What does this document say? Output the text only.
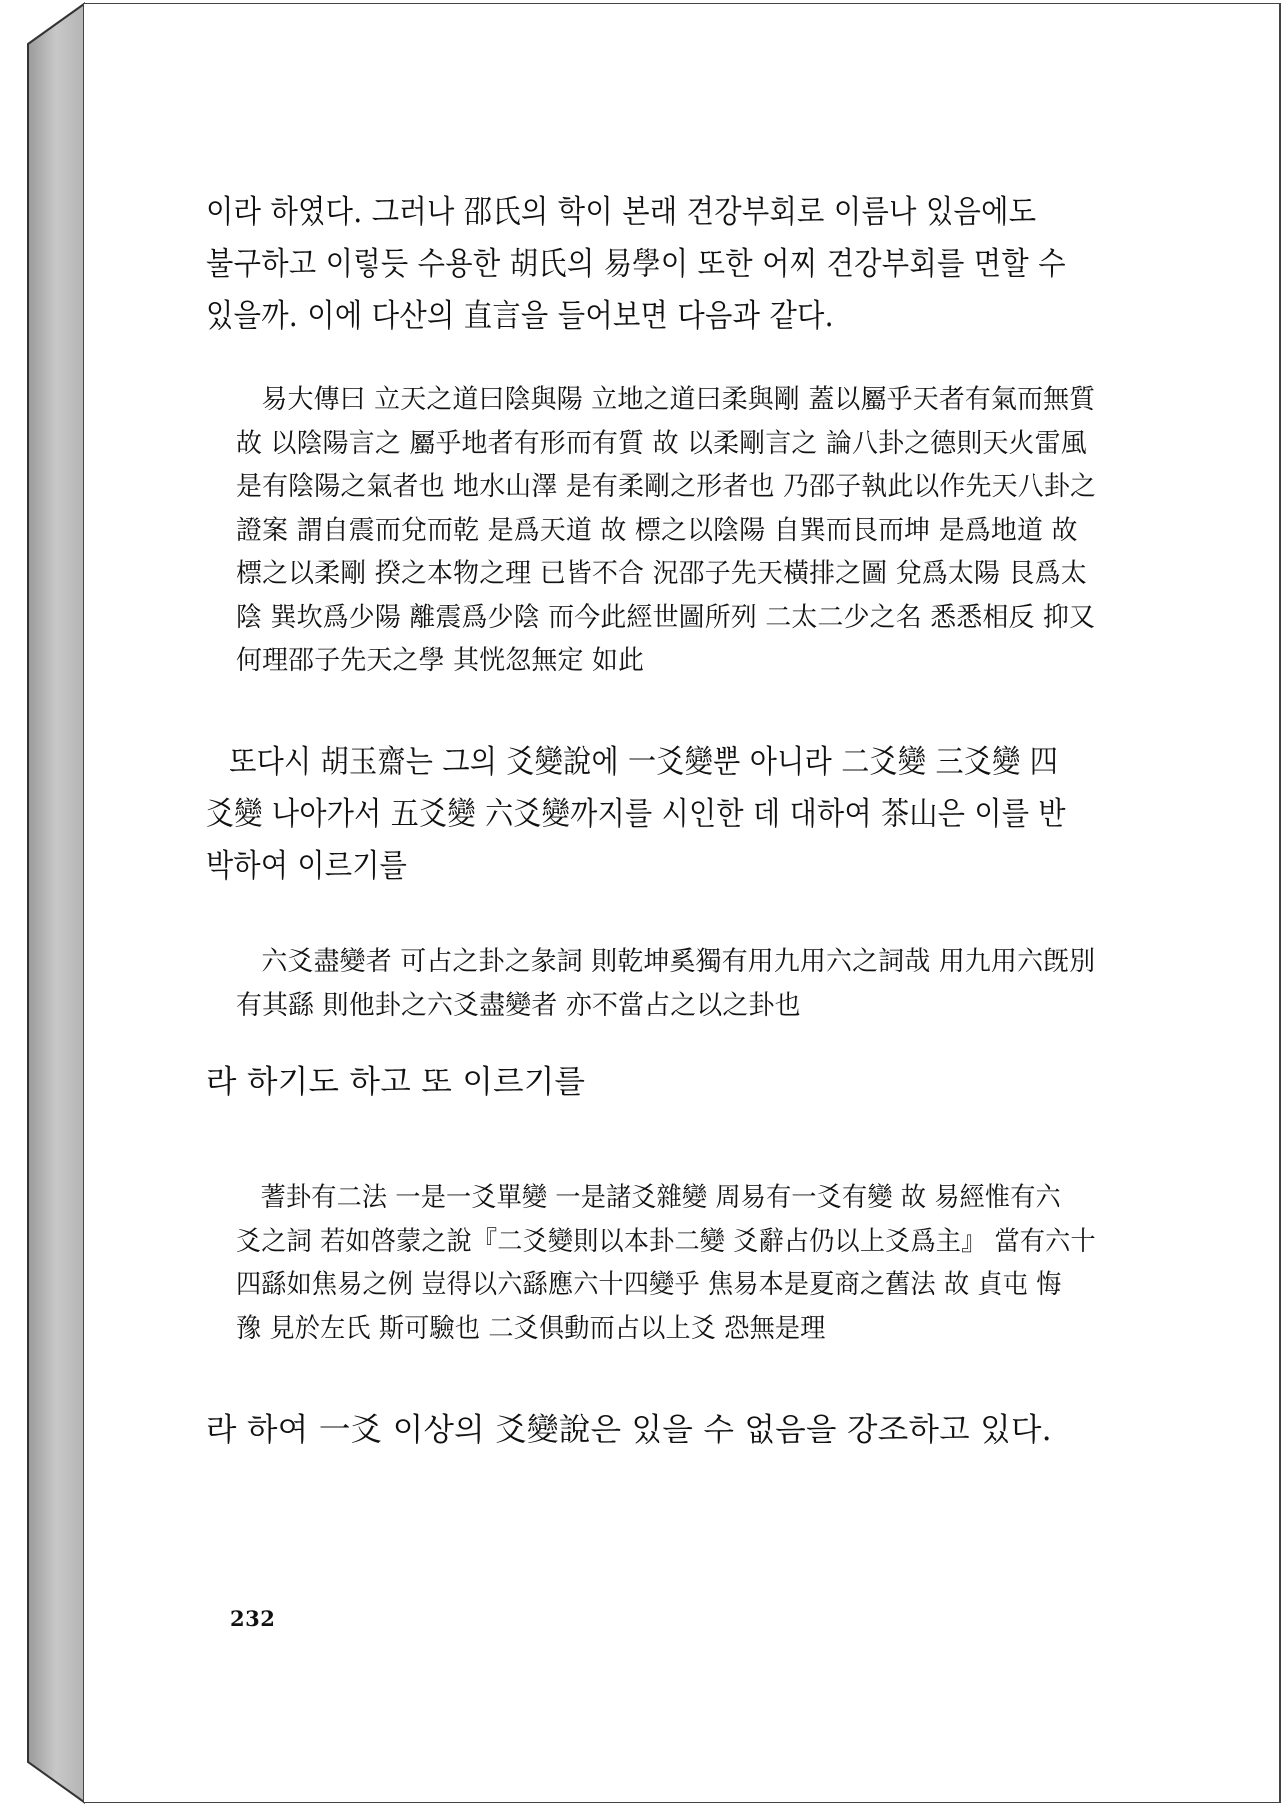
이라 하였다. 그러나 邵氏의 학이 본래 견강부회로 이름나 있음에도
불구하고 이렇듯 수용한 胡氏의 易學이 또한 어찌 견강부회를 면할 수
있을까. 이에 다산의 直言을 들어보면 다음과 같다.

易大傳曰 立天之道曰陰與陽 立地之道曰柔與剛 蓋以屬乎天者有氣而無質
故 以陰陽言之 屬乎地者有形而有質 故 以柔剛言之 論八卦之德則天火雷風
是有陰陽之氣者也 地水山澤 是有柔剛之形者也 乃邵子執此以作先天八卦之
證案 謂自震而兌而乾 是爲天道 故 標之以陰陽 自巽而艮而坤 是爲地道 故
標之以柔剛 揆之本物之理 已皆不合 況邵子先天橫排之圖 兌爲太陽 艮爲太
陰 巽坎爲少陽 離震爲少陰 而今此經世圖所列 二太二少之名 悉悉相反 抑又
何理邵子先天之學 其恍忽無定 如此

또다시 胡玉齋는 그의 爻變說에 一爻變뿐 아니라 二爻變 三爻變 四
爻變 나아가서 五爻變 六爻變까지를 시인한 데 대하여 茶山은 이를 반
박하여 이르기를

六爻盡變者 可占之卦之彖詞 則乾坤奚獨有用九用六之詞哉 用九用六旣別
有其繇 則他卦之六爻盡變者 亦不當占之以之卦也

라 하기도 하고 또 이르기를

蓍卦有二法 一是一爻單變 一是諸爻雜變 周易有一爻有變 故 易經惟有六
爻之詞 若如啓蒙之說『二爻變則以本卦二變 爻辭占仍以上爻爲主』 當有六十
四繇如焦易之例 豈得以六繇應六十四變乎 焦易本是夏商之舊法 故 貞屯 悔
豫 見於左氏 斯可驗也 二爻俱動而占以上爻 恐無是理

라 하여 一爻 이상의 爻變說은 있을 수 없음을 강조하고 있다.

232
